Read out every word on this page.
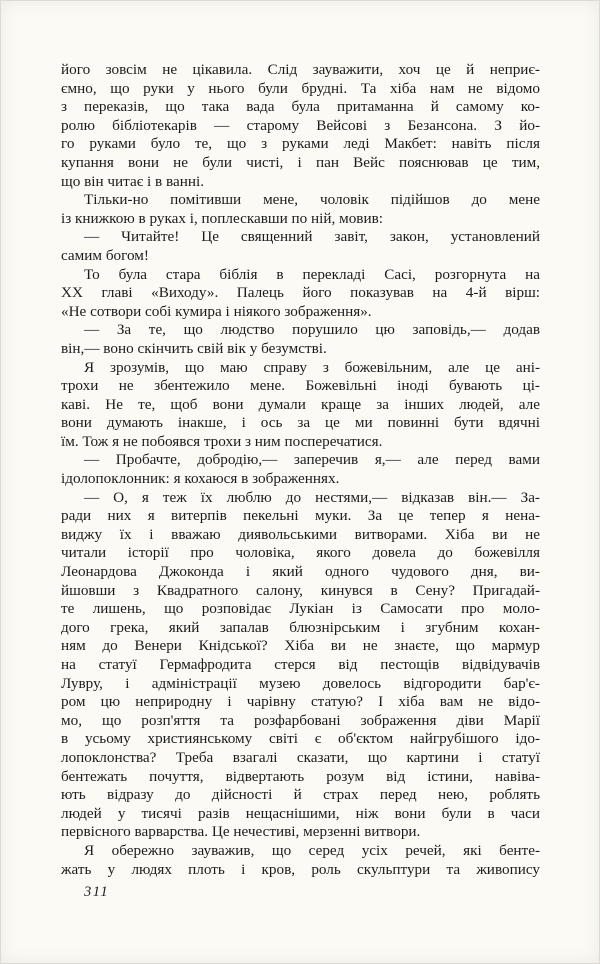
його зовсім не цікавила. Слід зауважити, хоч це й неприє-
ємно, що руки у нього були брудні. Та хіба нам не відомо
з переказів, що така вада була притаманна й самому ко-
ролю бібліотекарів — старому Вейсові з Безансона. З йо-
го руками було те, що з руками леді Макбет: навіть після
купання вони не були чисті, і пан Вейс пояснював це тим,
що він читає і в ванні.
Тільки-но помітивши мене, чоловік підійшов до мене
із книжкою в руках і, поплескавши по ній, мовив:
— Читайте! Це священний завіт, закон, установлений
самим богом!
То була стара біблія в перекладі Сасі, розгорнута на
XX главі «Виходу». Палець його показував на 4-й вірш:
«Не сотвори собі кумира і ніякого зображення».
— За те, що людство порушило цю заповідь,— додав
він,— воно скінчить свій вік у безумстві.
Я зрозумів, що маю справу з божевільним, але це ані-
трохи не збентежило мене. Божевільні іноді бувають ці-
каві. Не те, щоб вони думали краще за інших людей, але
вони думають інакше, і ось за це ми повинні бути вдячні
їм. Тож я не побоявся трохи з ним посперечатися.
— Пробачте, добродію,— заперечив я,— але перед вами
ідолопоклонник: я кохаюся в зображеннях.
— О, я теж їх люблю до нестями,— відказав він.— За-
ради них я витерпів пекельні муки. За це тепер я нена-
виджу їх і вважаю диявольськими витворами. Хіба ви не
читали історії про чоловіка, якого довела до божевілля
Леонардова Джоконда і який одного чудового дня, ви-
йшовши з Квадратного салону, кинувся в Сену? Пригадай-
те лишень, що розповідає Лукіан із Самосати про моло-
дого грека, який запалав блюзнірським і згубним кохан-
ням до Венери Кнідської? Хіба ви не знаєте, що мармур
на статуї Гермафродита стерся від пестощів відвідувачів
Лувру, і адміністрації музею довелось відгородити бар'є-
ром цю неприродну і чарівну статую? І хіба вам не відо-
мо, що розп'яття та розфарбовані зображення діви Марії
в усьому християнському світі є об'єктом найгрубішого ідо-
лопоклонства? Треба взагалі сказати, що картини і статуї
бентежать почуття, відвертають розум від істини, навіва-
ють відразу до дійсності й страх перед нею, роблять
людей у тисячі разів нещаснішими, ніж вони були в часи
первісного варварства. Це нечестиві, мерзенні витвори.
Я обережно зауважив, що серед усіх речей, які бенте-
жать у людях плоть і кров, роль скульптури та живопису
311
